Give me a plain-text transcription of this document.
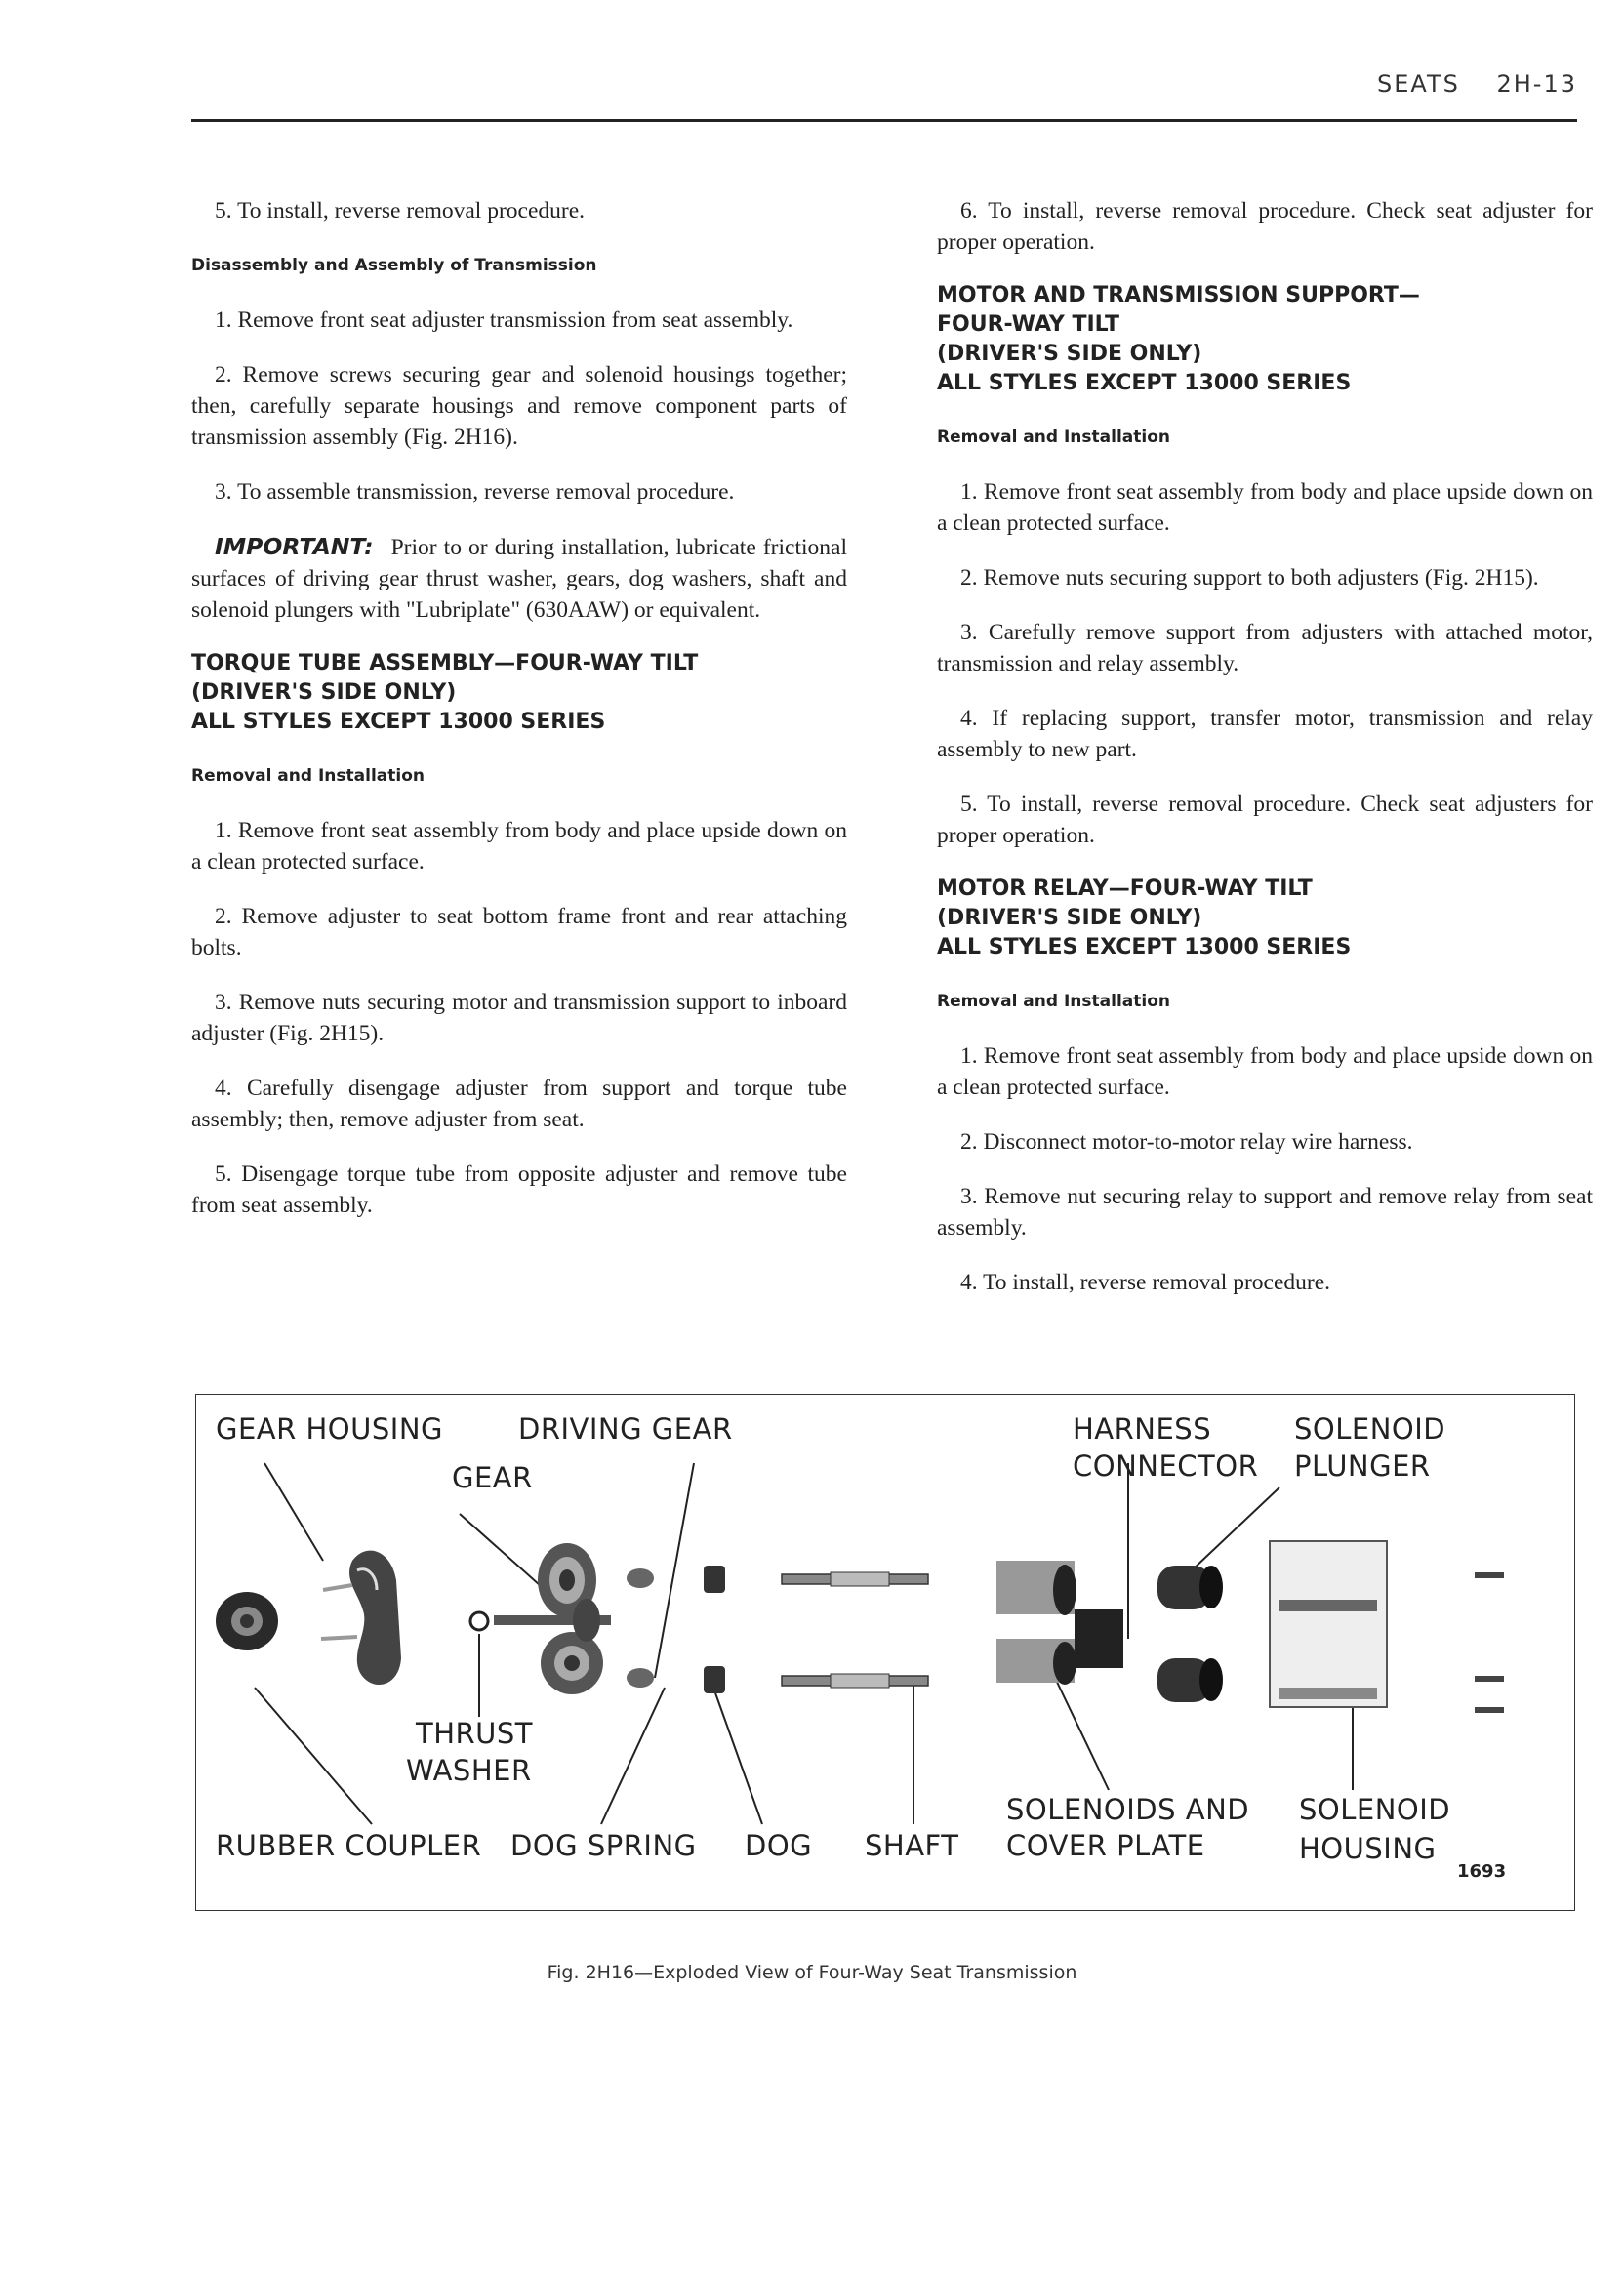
SEATS 2H-13

5. To install, reverse removal procedure.

Disassembly and Assembly of Transmission

1. Remove front seat adjuster transmission from seat assembly.

2. Remove screws securing gear and solenoid housings together; then, carefully separate housings and remove component parts of transmission assembly (Fig. 2H16).

3. To assemble transmission, reverse removal procedure.

IMPORTANT: Prior to or during installation, lubricate frictional surfaces of driving gear thrust washer, gears, dog washers, shaft and solenoid plungers with "Lubriplate" (630AAW) or equivalent.

TORQUE TUBE ASSEMBLY—FOUR-WAY TILT
(DRIVER'S SIDE ONLY)
ALL STYLES EXCEPT 13000 SERIES
Removal and Installation

1. Remove front seat assembly from body and place upside down on a clean protected surface.

2. Remove adjuster to seat bottom frame front and rear attaching bolts.

3. Remove nuts securing motor and transmission support to inboard adjuster (Fig. 2H15).

4. Carefully disengage adjuster from support and torque tube assembly; then, remove adjuster from seat.

5. Disengage torque tube from opposite adjuster and remove tube from seat assembly.

6. To install, reverse removal procedure. Check seat adjuster for proper operation.

MOTOR AND TRANSMISSION SUPPORT—
FOUR-WAY TILT
(DRIVER'S SIDE ONLY)
ALL STYLES EXCEPT 13000 SERIES
Removal and Installation

1. Remove front seat assembly from body and place upside down on a clean protected surface.

2. Remove nuts securing support to both adjusters (Fig. 2H15).

3. Carefully remove support from adjusters with attached motor, transmission and relay assembly.

4. If replacing support, transfer motor, transmission and relay assembly to new part.

5. To install, reverse removal procedure. Check seat adjusters for proper operation.

MOTOR RELAY—FOUR-WAY TILT
(DRIVER'S SIDE ONLY)
ALL STYLES EXCEPT 13000 SERIES
Removal and Installation

1. Remove front seat assembly from body and place upside down on a clean protected surface.

2. Disconnect motor-to-motor relay wire harness.

3. Remove nut securing relay to support and remove relay from seat assembly.

4. To install, reverse removal procedure.

GEAR HOUSING	DRIVING GEAR
GEAR
HARNESS
CONNECTOR
SOLENOID
PLUNGER
THRUST
WASHER
RUBBER COUPLER DOG SPRING DOG SHAFT
SOLENOIDS AND
COVER PLATE
SOLENOID
HOUSING
1693
Fig. 2H16—Exploded View of Four-Way Seat Transmission
